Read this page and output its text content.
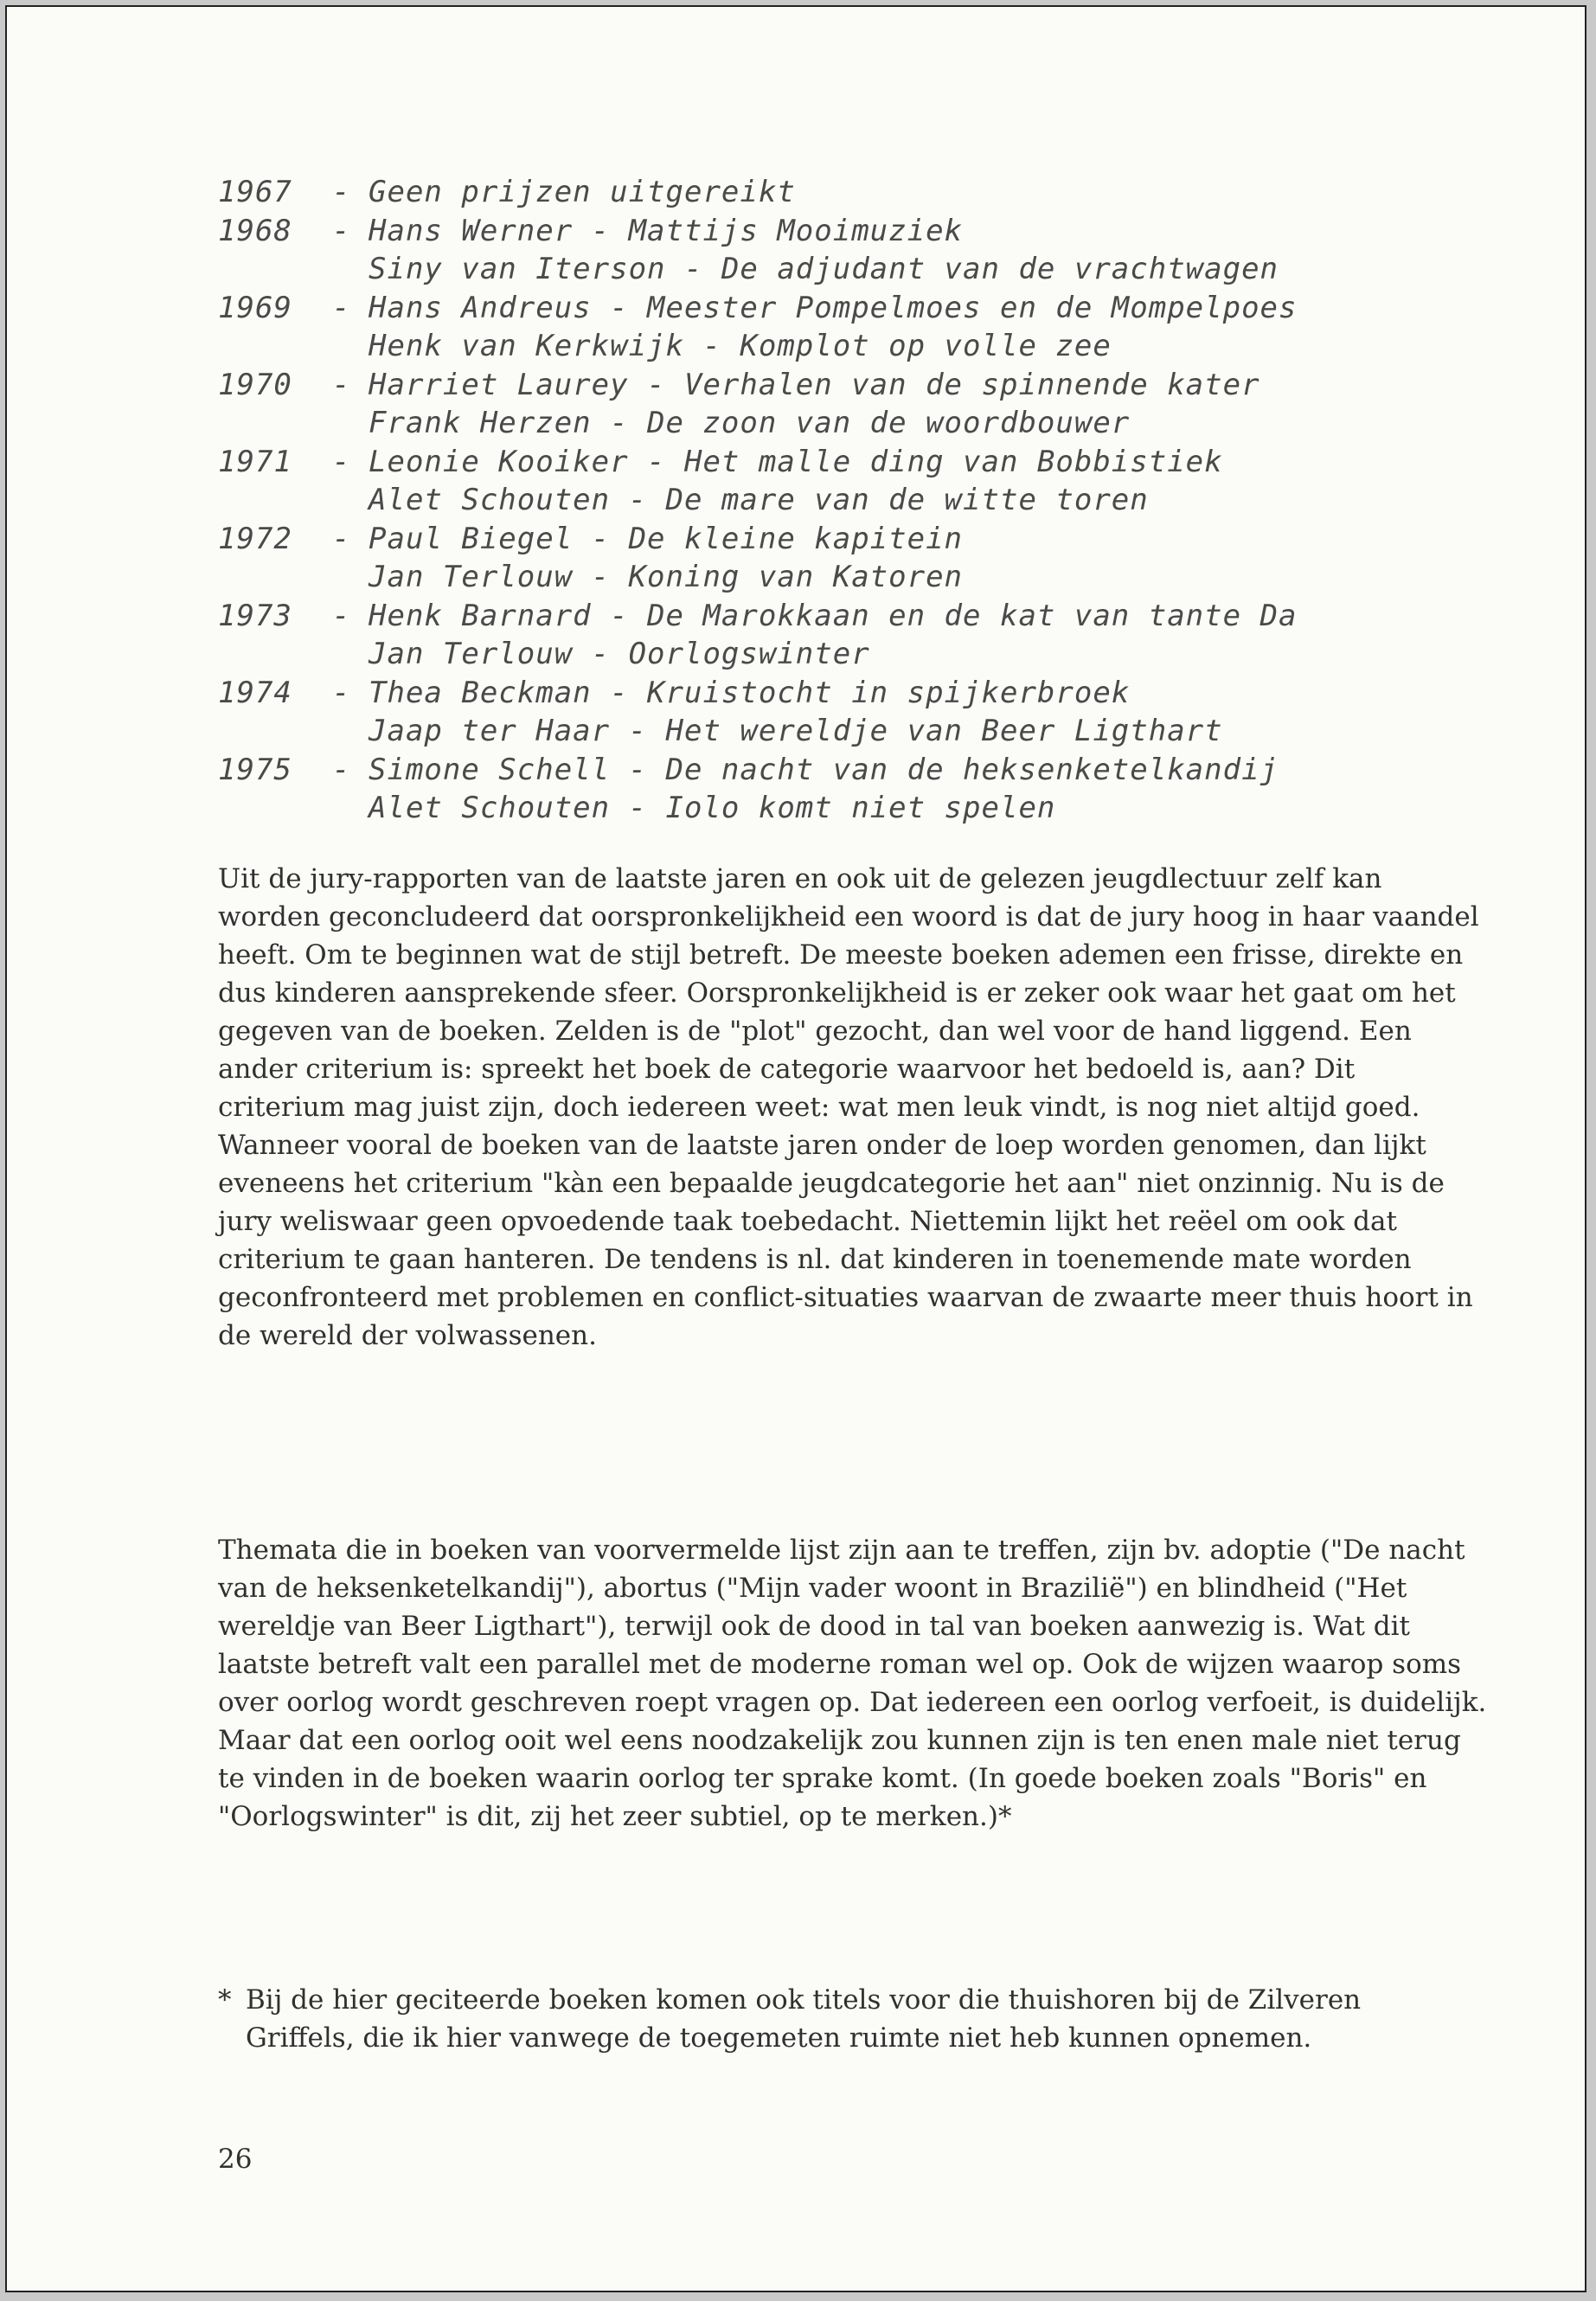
1967	- Geen prijzen uitgereikt
1968	- Hans Werner - Mattijs Mooimuziek
Siny van Iterson - De adjudant van de vrachtwagen
1969	- Hans Andreus - Meester Pompelmoes en de Mompelpoes
Henk van Kerkwijk - Komplot op volle zee
1970	- Harriet Laurey - Verhalen van de spinnende kater
Frank Herzen - De zoon van de woordbouwer
1971	- Leonie Kooiker - Het malle ding van Bobbistiek
Alet Schouten - De mare van de witte toren
1972	- Paul Biegel - De kleine kapitein
Jan Terlouw - Koning van Katoren
1973	- Henk Barnard - De Marokkaan en de kat van tante Da
Jan Terlouw - Oorlogswinter
1974	- Thea Beckman - Kruistocht in spijkerbroek
Jaap ter Haar - Het wereldje van Beer Ligthart
1975	- Simone Schell - De nacht van de heksenketelkandij
Alet Schouten - Iolo komt niet spelen

Uit de jury-rapporten van de laatste jaren en ook uit de gelezen jeugdlectuur zelf kan worden geconcludeerd dat oorspronkelijkheid een woord is dat de jury hoog in haar vaandel heeft. Om te beginnen wat de stijl betreft. De meeste boeken ademen een frisse, direkte en dus kinderen aansprekende sfeer. Oorspronkelijkheid is er zeker ook waar het gaat om het gegeven van de boeken. Zelden is de "plot" gezocht, dan wel voor de hand liggend. Een ander criterium is: spreekt het boek de categorie waarvoor het bedoeld is, aan? Dit criterium mag juist zijn, doch iedereen weet: wat men leuk vindt, is nog niet altijd goed. Wanneer vooral de boeken van de laatste jaren onder de loep worden genomen, dan lijkt eveneens het criterium "kàn een bepaalde jeugdcategorie het aan" niet onzinnig. Nu is de jury weliswaar geen opvoedende taak toebedacht. Niettemin lijkt het reëel om ook dat criterium te gaan hanteren. De tendens is nl. dat kinderen in toenemende mate worden geconfronteerd met problemen en conflict-situaties waarvan de zwaarte meer thuis hoort in de wereld der volwassenen.

Themata die in boeken van voorvermelde lijst zijn aan te treffen, zijn bv. adoptie ("De nacht van de heksenketelkandij"), abortus ("Mijn vader woont in Brazilië") en blindheid ("Het wereldje van Beer Ligthart"), terwijl ook de dood in tal van boeken aanwezig is. Wat dit laatste betreft valt een parallel met de moderne roman wel op. Ook de wijzen waarop soms over oorlog wordt geschreven roept vragen op. Dat iedereen een oorlog verfoeit, is duidelijk. Maar dat een oorlog ooit wel eens noodzakelijk zou kunnen zijn is ten enen male niet terug te vinden in de boeken waarin oorlog ter sprake komt. (In goede boeken zoals "Boris" en "Oorlogswinter" is dit, zij het zeer subtiel, op te merken.)*

* Bij de hier geciteerde boeken komen ook titels voor die thuishoren bij de Zilveren Griffels, die ik hier vanwege de toegemeten ruimte niet heb kunnen opnemen.
26
